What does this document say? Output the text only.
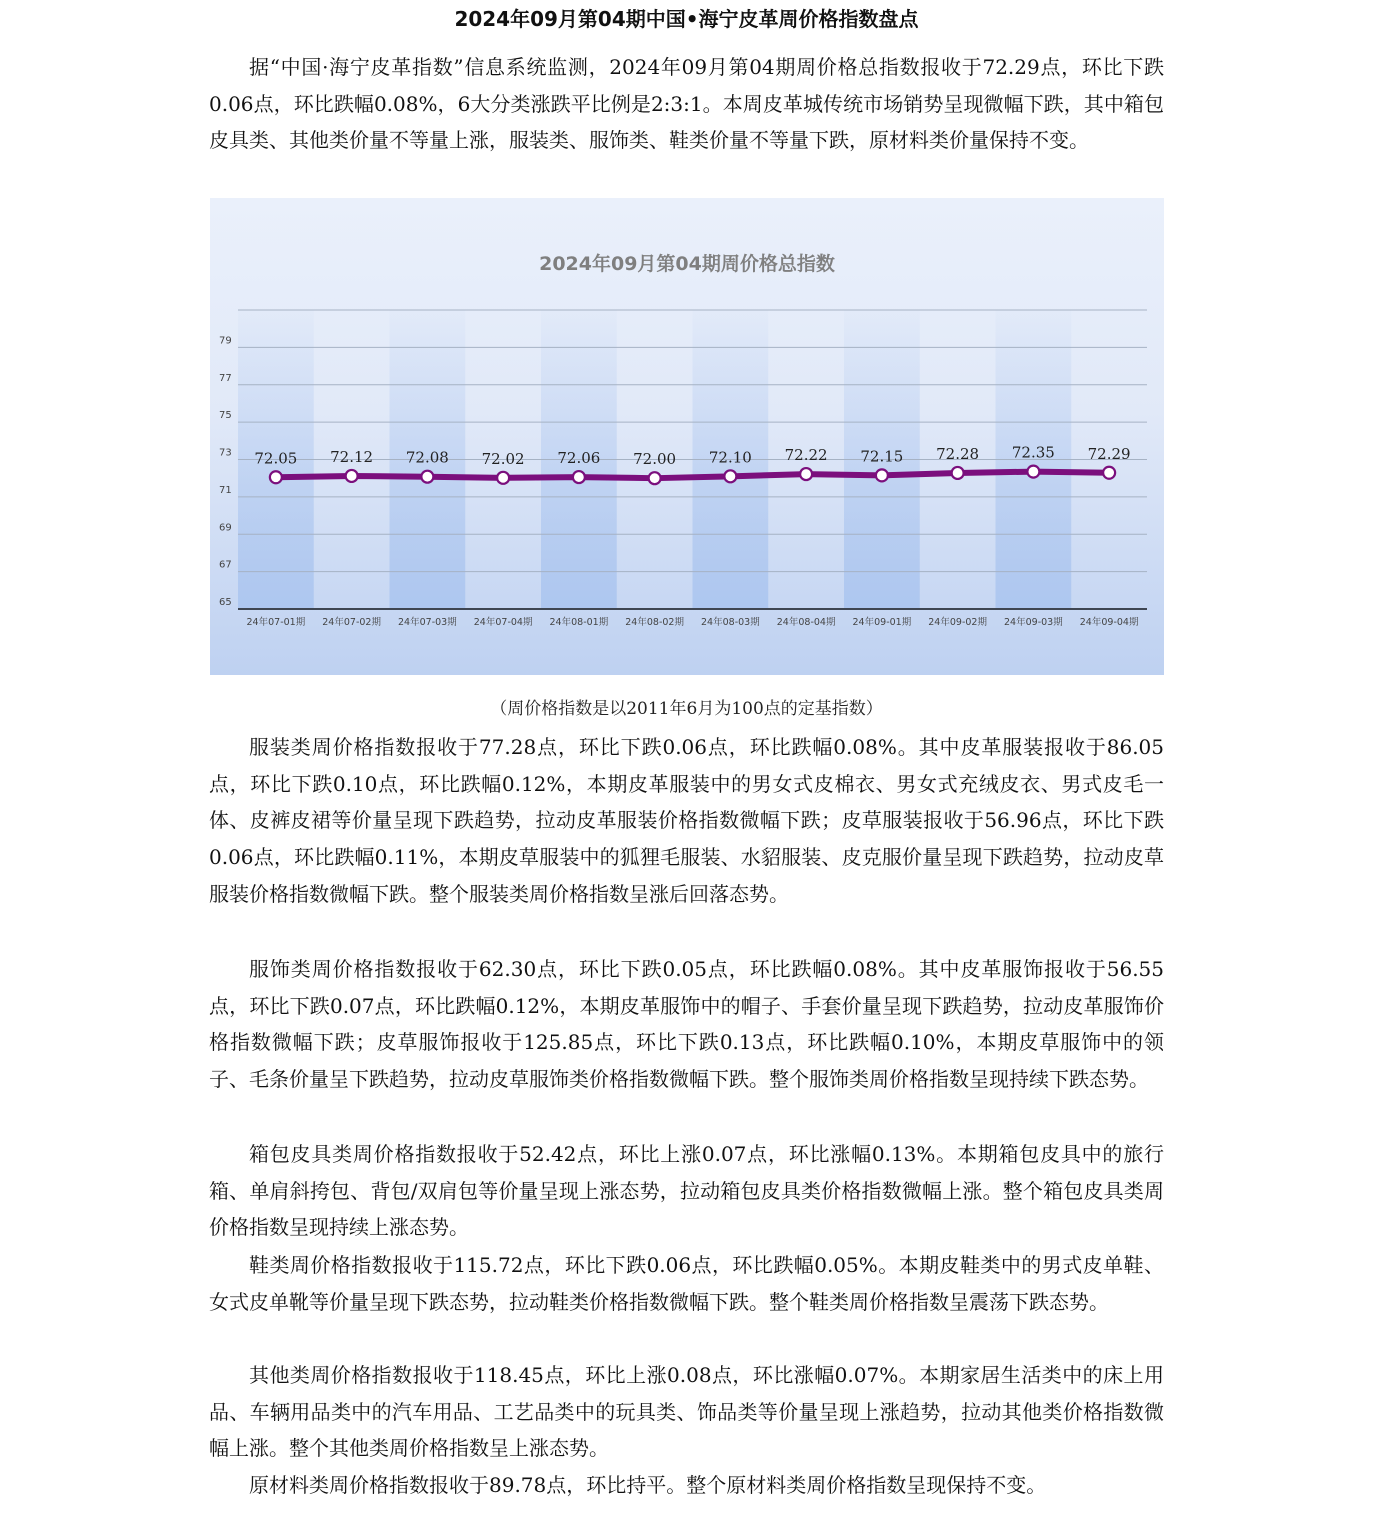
2024年09月第04期中国•海宁皮革周价格指数盘点

据“中国·海宁皮革指数”信息系统监测，2024年09月第04期周价格总指数报收于72.29点，环比下跌0.06点，环比跌幅0.08%，6大分类涨跌平比例是2:3:1。本周皮革城传统市场销势呈现微幅下跌，其中箱包皮具类、其他类价量不等量上涨，服装类、服饰类、鞋类价量不等量下跌，原材料类价量保持不变。

2024年09月第04期周价格总指数
65
67
69
71
73
75
77
79
24年07-01期 24年07-02期 24年07-03期 24年07-04期 24年08-01期 24年08-02期 24年08-03期 24年08-04期 24年09-01期 24年09-02期 24年09-03期 24年09-04期
72.05 72.12 72.08 72.02 72.06 72.00 72.10 72.22 72.15 72.28 72.35 72.29

（周价格指数是以2011年6月为100点的定基指数）

服装类周价格指数报收于77.28点，环比下跌0.06点，环比跌幅0.08%。其中皮革服装报收于86.05点，环比下跌0.10点，环比跌幅0.12%，本期皮革服装中的男女式皮棉衣、男女式充绒皮衣、男式皮毛一体、皮裤皮裙等价量呈现下跌趋势，拉动皮革服装价格指数微幅下跌；皮草服装报收于56.96点，环比下跌0.06点，环比跌幅0.11%，本期皮草服装中的狐狸毛服装、水貂服装、皮克服价量呈现下跌趋势，拉动皮草服装价格指数微幅下跌。整个服装类周价格指数呈涨后回落态势。

服饰类周价格指数报收于62.30点，环比下跌0.05点，环比跌幅0.08%。其中皮革服饰报收于56.55点，环比下跌0.07点，环比跌幅0.12%，本期皮革服饰中的帽子、手套价量呈现下跌趋势，拉动皮革服饰价格指数微幅下跌；皮草服饰报收于125.85点，环比下跌0.13点，环比跌幅0.10%，本期皮草服饰中的领子、毛条价量呈下跌趋势，拉动皮草服饰类价格指数微幅下跌。整个服饰类周价格指数呈现持续下跌态势。

箱包皮具类周价格指数报收于52.42点，环比上涨0.07点，环比涨幅0.13%。本期箱包皮具中的旅行箱、单肩斜挎包、背包/双肩包等价量呈现上涨态势，拉动箱包皮具类价格指数微幅上涨。整个箱包皮具类周价格指数呈现持续上涨态势。

鞋类周价格指数报收于115.72点，环比下跌0.06点，环比跌幅0.05%。本期皮鞋类中的男式皮单鞋、女式皮单靴等价量呈现下跌态势，拉动鞋类价格指数微幅下跌。整个鞋类周价格指数呈震荡下跌态势。

其他类周价格指数报收于118.45点，环比上涨0.08点，环比涨幅0.07%。本期家居生活类中的床上用品、车辆用品类中的汽车用品、工艺品类中的玩具类、饰品类等价量呈现上涨趋势，拉动其他类价格指数微幅上涨。整个其他类周价格指数呈上涨态势。

原材料类周价格指数报收于89.78点，环比持平。整个原材料类周价格指数呈现保持不变。
